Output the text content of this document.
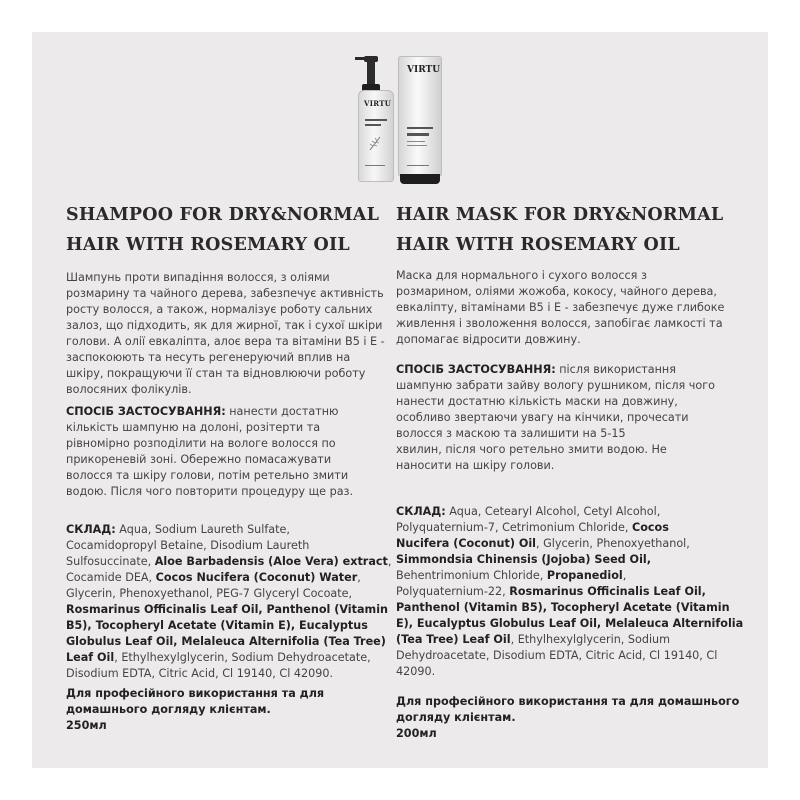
VIRTU
VIRTU
SHAMPOO FOR DRY&NORMAL
HAIR WITH ROSEMARY OIL
Шампунь проти випадіння волосся, з оліями
розмарину та чайного дерева, забезпечує активність
росту волосся, а також, нормалізує роботу сальних
залоз, що підходить, як для жирної, так і сухої шкіри
голови. А олії евкаліпта, алоє вера та вітаміни В5 і Е -
заспокоюють та несуть регенеруючий вплив на
шкіру, покращуючи її стан та відновлюючи роботу
волосяних фолікулів.
СПОСІБ ЗАСТОСУВАННЯ: нанести достатню
кількість шампуню на долоні, розітерти та
рівномірно розподілити на вологе волосся по
прикореневій зоні. Обережно помасажувати
волосся та шкіру голови, потім ретельно змити
водою. Після чого повторити процедуру ще раз.
СКЛАД: Aqua, Sodium Laureth Sulfate,
Cocamidopropyl Betaine, Disodium Laureth
Sulfosuccinate, Aloe Barbadensis (Aloe Vera) extract,
Cocamide DEA, Cocos Nucifera (Coconut) Water,
Glycerin, Phenoxyethanol, PEG-7 Glyceryl Cocoate,
Rosmarinus Officinalis Leaf Oil, Panthenol (Vitamin
B5), Tocopheryl Acetate (Vitamin E), Eucalyptus
Globulus Leaf Oil, Melaleuca Alternifolia (Tea Tree)
Leaf Oil, Ethylhexylglycerin, Sodium Dehydroacetate,
Disodium EDTA, Citric Acid, Cl 19140, Cl 42090.
Для професійного використання та для
домашнього догляду клієнтам.
250мл
HAIR MASK FOR DRY&NORMAL
HAIR WITH ROSEMARY OIL
Маска для нормального і сухого волосся з
розмарином, оліями жожоба, кокосу, чайного дерева,
евкаліпту, вітамінами В5 і Е - забезпечує дуже глибоке
живлення і зволоження волосся, запобігає ламкості та
допомагає відросити довжину.
СПОСІБ ЗАСТОСУВАННЯ: після використання
шампуню забрати зайву вологу рушником, після чого
нанести достатню кількість маски на довжину,
особливо звертаючи увагу на кінчики, прочесати
волосся з маскою та залишити на 5-15
хвилин, після чого ретельно змити водою. Не
наносити на шкіру голови.
СКЛАД: Aqua, Cetearyl Alcohol, Cetyl Alcohol,
Polyquaternium-7, Cetrimonium Chloride, Cocos
Nucifera (Coconut) Oil, Glycerin, Phenoxyethanol,
Simmondsia Chinensis (Jojoba) Seed Oil,
Behentrimonium Chloride, Propanediol,
Polyquaternium-22, Rosmarinus Officinalis Leaf Oil,
Panthenol (Vitamin B5), Tocopheryl Acetate (Vitamin
E), Eucalyptus Globulus Leaf Oil, Melaleuca Alternifolia
(Tea Tree) Leaf Oil, Ethylhexylglycerin, Sodium
Dehydroacetate, Disodium EDTA, Citric Acid, Cl 19140, Cl
42090.
Для професійного використання та для домашнього
догляду клієнтам.
200мл
